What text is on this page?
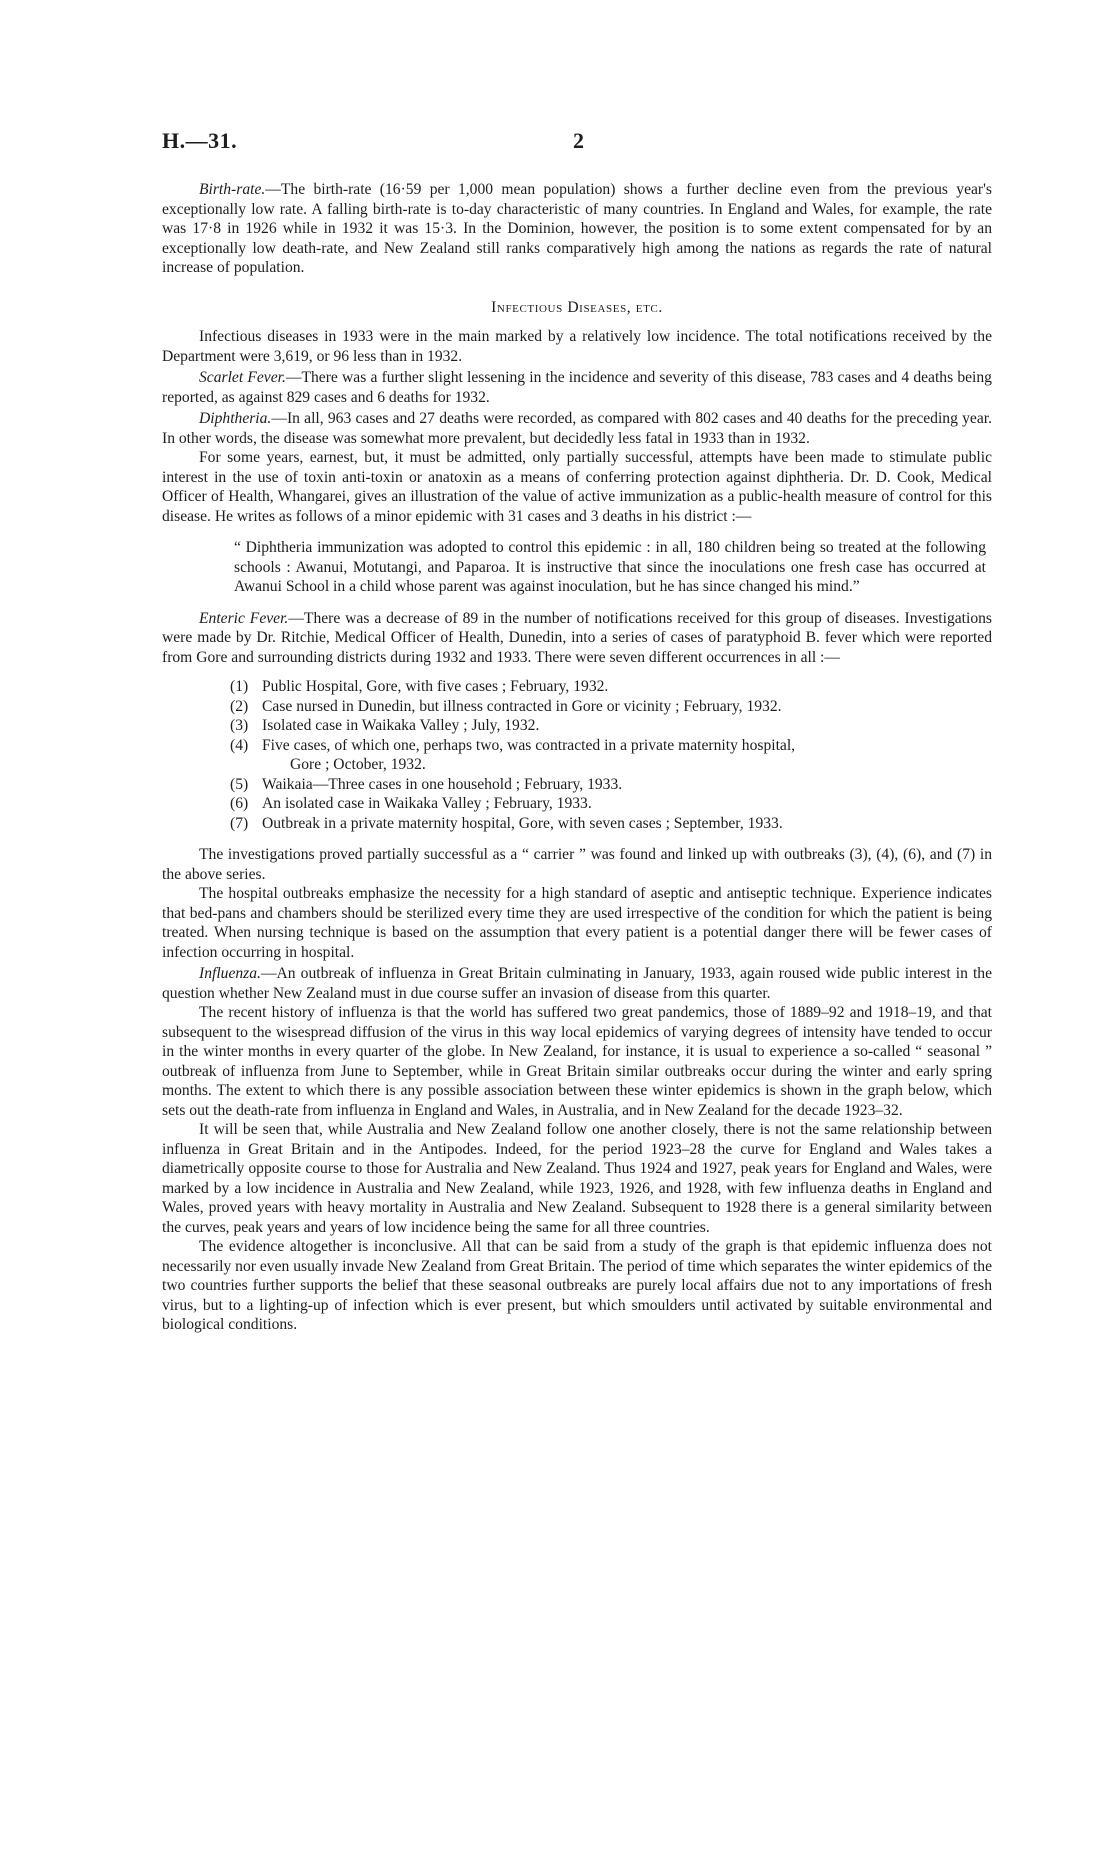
H.—31.	2

Birth-rate.—The birth-rate (16·59 per 1,000 mean population) shows a further decline even from the previous year's exceptionally low rate. A falling birth-rate is to-day characteristic of many countries. In England and Wales, for example, the rate was 17·8 in 1926 while in 1932 it was 15·3. In the Dominion, however, the position is to some extent compensated for by an exceptionally low death-rate, and New Zealand still ranks comparatively high among the nations as regards the rate of natural increase of population.

Infectious Diseases, etc.

Infectious diseases in 1933 were in the main marked by a relatively low incidence. The total notifications received by the Department were 3,619, or 96 less than in 1932.

Scarlet Fever.—There was a further slight lessening in the incidence and severity of this disease, 783 cases and 4 deaths being reported, as against 829 cases and 6 deaths for 1932.

Diphtheria.—In all, 963 cases and 27 deaths were recorded, as compared with 802 cases and 40 deaths for the preceding year. In other words, the disease was somewhat more prevalent, but decidedly less fatal in 1933 than in 1932.

For some years, earnest, but, it must be admitted, only partially successful, attempts have been made to stimulate public interest in the use of toxin anti-toxin or anatoxin as a means of conferring protection against diphtheria. Dr. D. Cook, Medical Officer of Health, Whangarei, gives an illustration of the value of active immunization as a public-health measure of control for this disease. He writes as follows of a minor epidemic with 31 cases and 3 deaths in his district :—

“ Diphtheria immunization was adopted to control this epidemic : in all, 180 children being so treated at the following schools : Awanui, Motutangi, and Paparoa. It is instructive that since the inoculations one fresh case has occurred at Awanui School in a child whose parent was against inoculation, but he has since changed his mind.”

Enteric Fever.—There was a decrease of 89 in the number of notifications received for this group of diseases. Investigations were made by Dr. Ritchie, Medical Officer of Health, Dunedin, into a series of cases of paratyphoid B. fever which were reported from Gore and surrounding districts during 1932 and 1933. There were seven different occurrences in all :—

(1) Public Hospital, Gore, with five cases ; February, 1932.
(2) Case nursed in Dunedin, but illness contracted in Gore or vicinity ; February, 1932.
(3) Isolated case in Waikaka Valley ; July, 1932.
(4) Five cases, of which one, perhaps two, was contracted in a private maternity hospital,
Gore ; October, 1932.
(5) Waikaia—Three cases in one household ; February, 1933.
(6) An isolated case in Waikaka Valley ; February, 1933.
(7) Outbreak in a private maternity hospital, Gore, with seven cases ; September, 1933.

The investigations proved partially successful as a “ carrier ” was found and linked up with outbreaks (3), (4), (6), and (7) in the above series.

The hospital outbreaks emphasize the necessity for a high standard of aseptic and antiseptic technique. Experience indicates that bed-pans and chambers should be sterilized every time they are used irrespective of the condition for which the patient is being treated. When nursing technique is based on the assumption that every patient is a potential danger there will be fewer cases of infection occurring in hospital.

Influenza.—An outbreak of influenza in Great Britain culminating in January, 1933, again roused wide public interest in the question whether New Zealand must in due course suffer an invasion of disease from this quarter.

The recent history of influenza is that the world has suffered two great pandemics, those of 1889–92 and 1918–19, and that subsequent to the wisespread diffusion of the virus in this way local epidemics of varying degrees of intensity have tended to occur in the winter months in every quarter of the globe. In New Zealand, for instance, it is usual to experience a so-called “ seasonal ” outbreak of influenza from June to September, while in Great Britain similar outbreaks occur during the winter and early spring months. The extent to which there is any possible association between these winter epidemics is shown in the graph below, which sets out the death-rate from influenza in England and Wales, in Australia, and in New Zealand for the decade 1923–32.

It will be seen that, while Australia and New Zealand follow one another closely, there is not the same relationship between influenza in Great Britain and in the Antipodes. Indeed, for the period 1923–28 the curve for England and Wales takes a diametrically opposite course to those for Australia and New Zealand. Thus 1924 and 1927, peak years for England and Wales, were marked by a low incidence in Australia and New Zealand, while 1923, 1926, and 1928, with few influenza deaths in England and Wales, proved years with heavy mortality in Australia and New Zealand. Subsequent to 1928 there is a general similarity between the curves, peak years and years of low incidence being the same for all three countries.

The evidence altogether is inconclusive. All that can be said from a study of the graph is that epidemic influenza does not necessarily nor even usually invade New Zealand from Great Britain. The period of time which separates the winter epidemics of the two countries further supports the belief that these seasonal outbreaks are purely local affairs due not to any importations of fresh virus, but to a lighting-up of infection which is ever present, but which smoulders until activated by suitable environmental and biological conditions.
